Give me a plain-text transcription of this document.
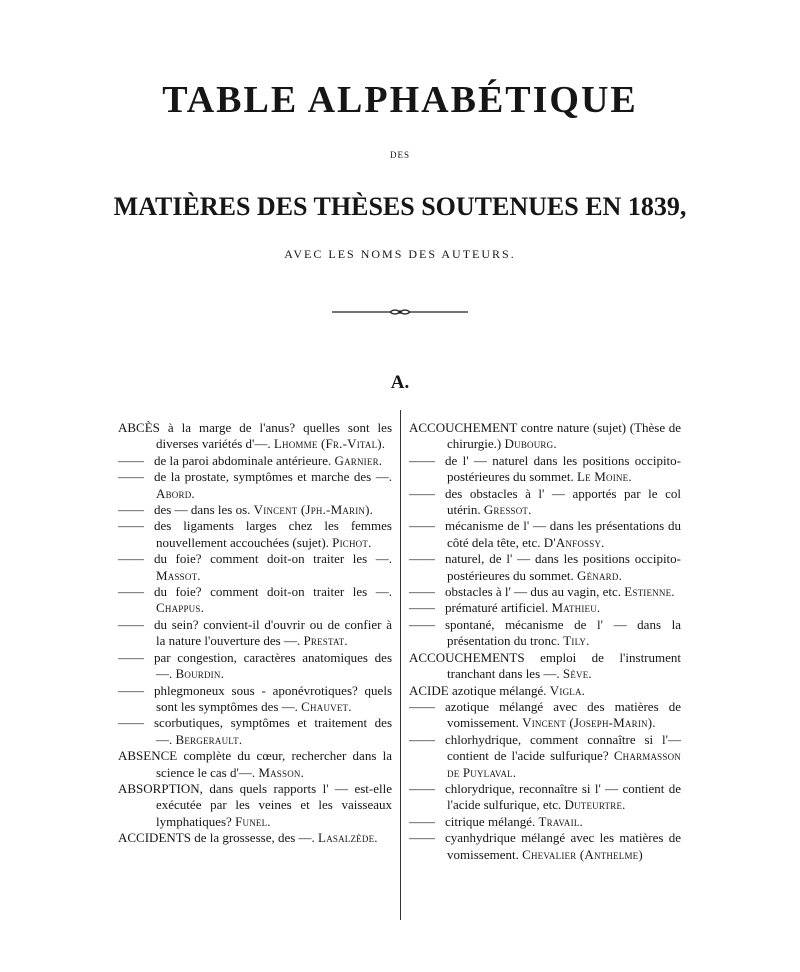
TABLE ALPHABÉTIQUE
DES
MATIÈRES DES THÈSES SOUTENUES EN 1839,
AVEC LES NOMS DES AUTEURS.
A.
ABCÈS à la marge de l'anus? quelles sont les diverses variétés d'—. Lhomme (Fr.-Vital).
—— de la paroi abdominale antérieure. Garnier.
—— de la prostate, symptômes et marche des —. Abord.
—— des — dans les os. Vincent (Jph.-Marin).
—— des ligaments larges chez les femmes nouvellement accouchées (sujet). Pichot.
—— du foie? comment doit-on traiter les —. Massot.
—— du foie? comment doit-on traiter les —. Chappus.
—— du sein? convient-il d'ouvrir ou de confier à la nature l'ouverture des —. Prestat.
—— par congestion, caractères anatomiques des —. Bourdin.
—— phlegmoneux sous - aponévrotiques? quels sont les symptômes des —. Chauvet.
—— scorbutiques, symptômes et traitement des —. Bergerault.
ABSENCE complète du cœur, rechercher dans la science le cas d'—. Masson.
ABSORPTION, dans quels rapports l' — est-elle exécutée par les veines et les vaisseaux lymphatiques? Funel.
ACCIDENTS de la grossesse, des —. Lasalzède.
ACCOUCHEMENT contre nature (sujet) (Thèse de chirurgie.) Dubourg.
—— de l' — naturel dans les positions occipito-postérieures du sommet. Le Moine.
—— des obstacles à l' — apportés par le col utérin. Gressot.
—— mécanisme de l' — dans les présentations du côté dela tête, etc. D'Anfossy.
—— naturel, de l' — dans les positions occipito-postérieures du sommet. Génard.
—— obstacles à l' — dus au vagin, etc. Estienne.
—— prématuré artificiel. Mathieu.
—— spontané, mécanisme de l' — dans la présentation du tronc. Tily.
ACCOUCHEMENTS emploi de l'instrument tranchant dans les —. Sève.
ACIDE azotique mélangé. Vigla.
—— azotique mélangé avec des matières de vomissement. Vincent (Joseph-Marin).
—— chlorhydrique, comment connaître si l'—contient de l'acide sulfurique? Charmasson de Puylaval.
—— chlorydrique, reconnaître si l' — contient de l'acide sulfurique, etc. Duteurtre.
—— citrique mélangé. Travail.
—— cyanhydrique mélangé avec les matières de vomissement. Chevalier (Anthelme)
